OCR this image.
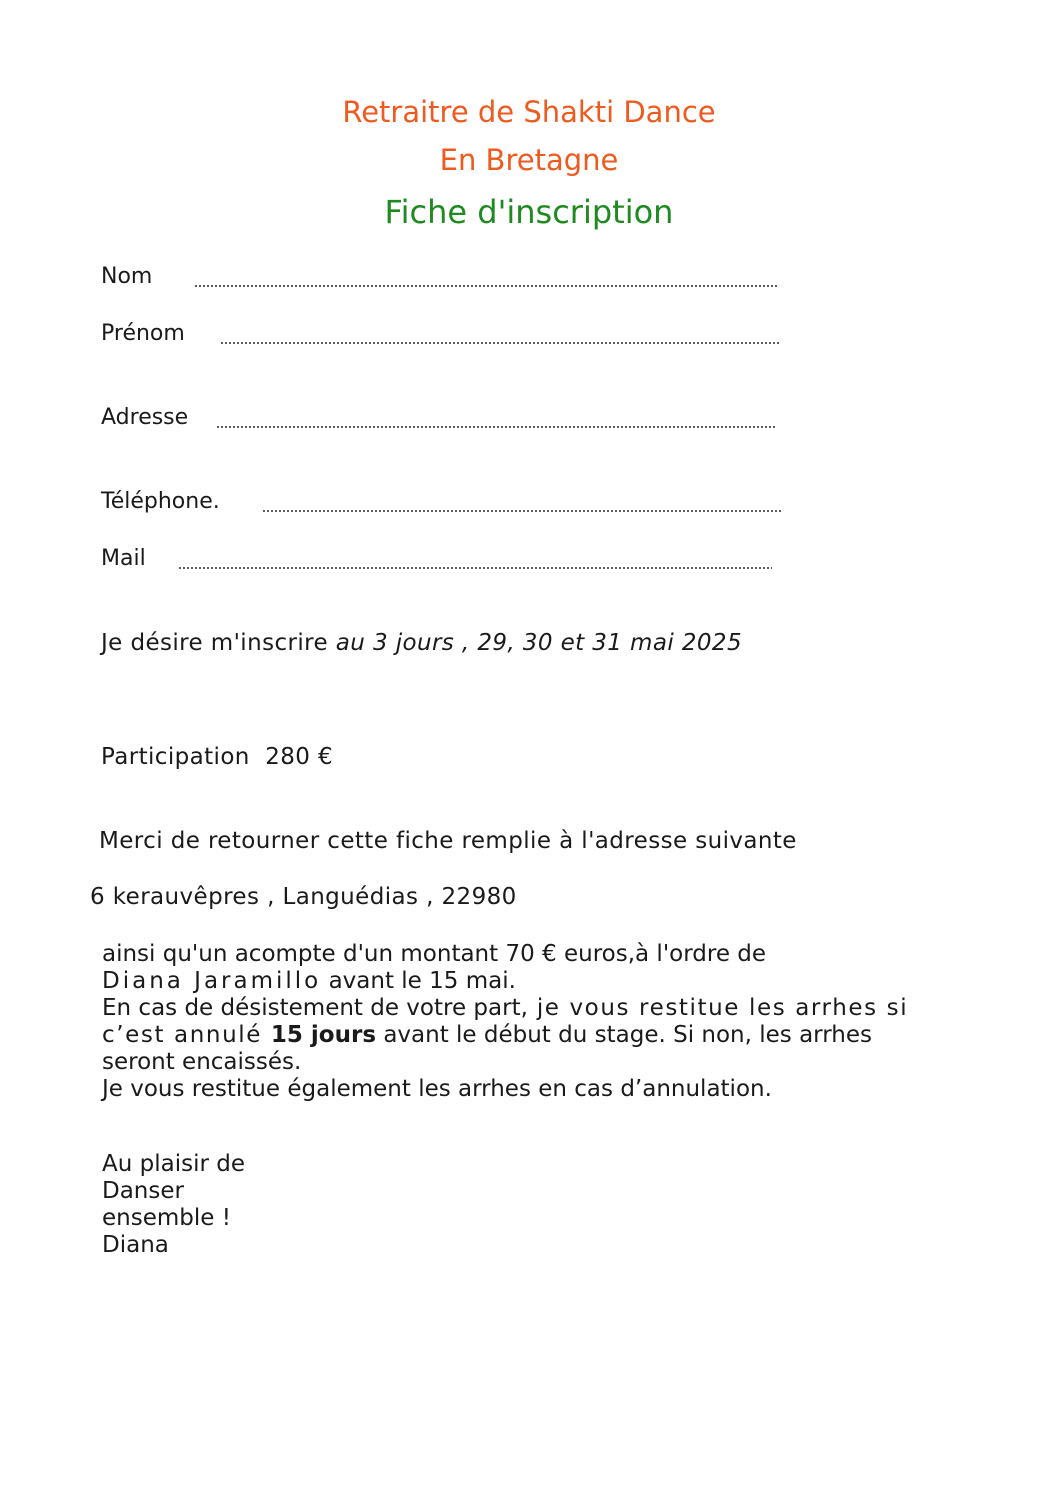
Retraitre de Shakti Dance
En Bretagne
Fiche d'inscription
Nom
Prénom
Adresse
Téléphone.
Mail
Je désire m'inscrire au 3 jours , 29, 30 et 31 mai 2025
Participation  280 €
Merci de retourner cette fiche remplie à l'adresse suivante
6 kerauvêpres , Languédias , 22980
ainsi qu'un acompte d'un montant 70 € euros,à l'ordre de
Diana Jaramillo avant le 15 mai.
En cas de désistement de votre part, je vous restitue les arrhes si
c’est annulé 15 jours avant le début du stage. Si non, les arrhes
seront encaissés.
Je vous restitue également les arrhes en cas d’annulation.
Au plaisir de
Danser
ensemble !
Diana
